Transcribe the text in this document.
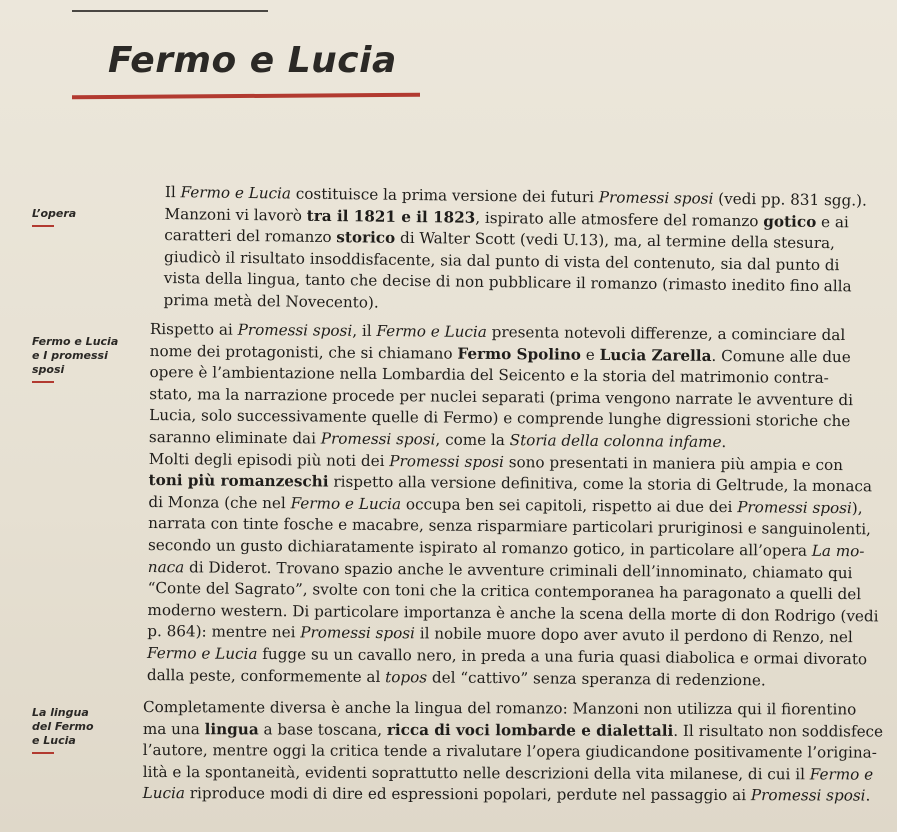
Fermo e Lucia
L’opera
Il Fermo e Lucia costituisce la prima versione dei futuri Promessi sposi (vedi pp. 831 sgg.).
Manzoni vi lavorò tra il 1821 e il 1823, ispirato alle atmosfere del romanzo gotico e ai
caratteri del romanzo storico di Walter Scott (vedi U.13), ma, al termine della stesura,
giudicò il risultato insoddisfacente, sia dal punto di vista del contenuto, sia dal punto di
vista della lingua, tanto che decise di non pubblicare il romanzo (rimasto inedito fino alla
prima metà del Novecento).
Fermo e Lucia
e I promessi
sposi
Rispetto ai Promessi sposi, il Fermo e Lucia presenta notevoli differenze, a cominciare dal
nome dei protagonisti, che si chiamano Fermo Spolino e Lucia Zarella. Comune alle due
opere è l’ambientazione nella Lombardia del Seicento e la storia del matrimonio contra-
stato, ma la narrazione procede per nuclei separati (prima vengono narrate le avventure di
Lucia, solo successivamente quelle di Fermo) e comprende lunghe digressioni storiche che
saranno eliminate dai Promessi sposi, come la Storia della colonna infame.
Molti degli episodi più noti dei Promessi sposi sono presentati in maniera più ampia e con
toni più romanzeschi rispetto alla versione definitiva, come la storia di Geltrude, la monaca
di Monza (che nel Fermo e Lucia occupa ben sei capitoli, rispetto ai due dei Promessi sposi),
narrata con tinte fosche e macabre, senza risparmiare particolari pruriginosi e sanguinolenti,
secondo un gusto dichiaratamente ispirato al romanzo gotico, in particolare all’opera La mo-
naca di Diderot. Trovano spazio anche le avventure criminali dell’innominato, chiamato qui
“Conte del Sagrato”, svolte con toni che la critica contemporanea ha paragonato a quelli del
moderno western. Di particolare importanza è anche la scena della morte di don Rodrigo (vedi
p. 864): mentre nei Promessi sposi il nobile muore dopo aver avuto il perdono di Renzo, nel
Fermo e Lucia fugge su un cavallo nero, in preda a una furia quasi diabolica e ormai divorato
dalla peste, conformemente al topos del “cattivo” senza speranza di redenzione.
La lingua
del Fermo
e Lucia
Completamente diversa è anche la lingua del romanzo: Manzoni non utilizza qui il fiorentino
ma una lingua a base toscana, ricca di voci lombarde e dialettali. Il risultato non soddisfece
l’autore, mentre oggi la critica tende a rivalutare l’opera giudicandone positivamente l’origina-
lità e la spontaneità, evidenti soprattutto nelle descrizioni della vita milanese, di cui il Fermo e
Lucia riproduce modi di dire ed espressioni popolari, perdute nel passaggio ai Promessi sposi.
